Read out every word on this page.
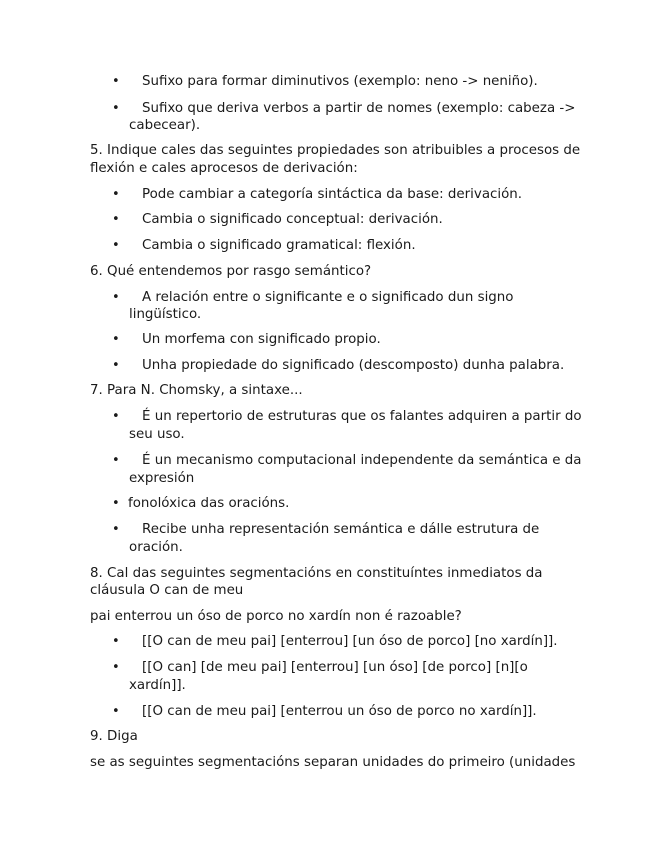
• Sufixo para formar diminutivos (exemplo: neno -> neniño).
• Sufixo que deriva verbos a partir de nomes (exemplo: cabeza ->
cabecear).
5. Indique cales das seguintes propiedades son atribuibles a procesos de
flexión e cales aprocesos de derivación:
• Pode cambiar a categoría sintáctica da base: derivación.
• Cambia o significado conceptual: derivación.
• Cambia o significado gramatical: flexión.
6. Qué entendemos por rasgo semántico?
• A relación entre o significante e o significado dun signo
lingüístico.
• Un morfema con significado propio.
• Unha propiedade do significado (descomposto) dunha palabra.
7. Para N. Chomsky, a sintaxe...
• É un repertorio de estruturas que os falantes adquiren a partir do
seu uso.
• É un mecanismo computacional independente da semántica e da
expresión
• fonolóxica das oracións.
• Recibe unha representación semántica e dálle estrutura de
oración.
8. Cal das seguintes segmentacións en constituíntes inmediatos da
cláusula O can de meu
pai enterrou un óso de porco no xardín non é razoable?
• [[O can de meu pai] [enterrou] [un óso de porco] [no xardín]].
• [[O can] [de meu pai] [enterrou] [un óso] [de porco] [n][o
xardín]].
• [[O can de meu pai] [enterrou un óso de porco no xardín]].
9. Diga
se as seguintes segmentacións separan unidades do primeiro (unidades
